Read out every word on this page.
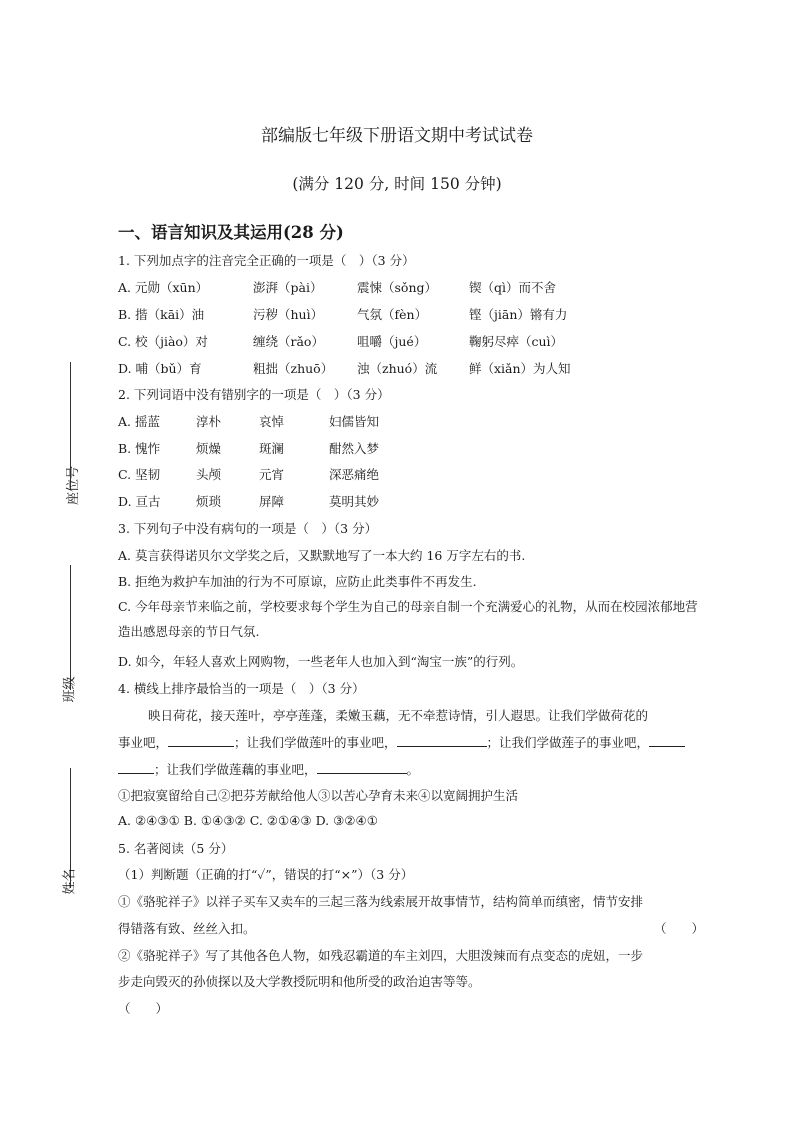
部编版七年级下册语文期中考试试卷
(满分 120 分, 时间 150 分钟)
一、语言知识及其运用(28 分)
座位号
班级
姓名
1. 下列加点字的注音完全正确的一项是（　）（3 分）
A. 元勋（xūn）	澎湃（pài）	震悚（sǒng）	锲（qì）而不舍
B. 揩（kāi）油	污秽（huì）	气氛（fèn）	铿（jiān）锵有力
C. 校（jiào）对	缠绕（rǎo）	咀嚼（jué）	鞠躬尽瘁（cuì）
D. 哺（bǔ）育	粗拙（zhuō） 浊（zhuó）流	鲜（xiǎn）为人知
2. 下列词语中没有错别字的一项是（　）（3 分）
A. 摇蓝	淳朴	哀悼	妇儒皆知
B. 愧怍	烦燥	斑澜	酣然入梦
C. 坚韧	头颅	元宵	深恶痛绝
D. 亘古	烦琐	屏障	莫明其妙
3. 下列句子中没有病句的一项是（　）（3 分）
A. 莫言获得诺贝尔文学奖之后，又默默地写了一本大约 16 万字左右的书.
B. 拒绝为救护车加油的行为不可原谅，应防止此类事件不再发生.
C. 今年母亲节来临之前，学校要求每个学生为自己的母亲自制一个充满爱心的礼物，从而在校园浓郁地营造出感恩母亲的节日气氛.
D. 如今，年轻人喜欢上网购物，一些老年人也加入到“淘宝一族”的行列。
4. 横线上排序最恰当的一项是（　）（3 分）
映日荷花，接天莲叶，亭亭莲蓬，柔嫩玉藕，无不牵惹诗情，引人遐思。让我们学做荷花的
事业吧，	；让我们学做莲叶的事业吧，	；让我们学做莲子的事业吧，
；让我们学做莲藕的事业吧，	。
①把寂寞留给自己②把芬芳献给他人③以苦心孕育未来④以宽阔拥护生活
A. ②④③① B. ①④③② C. ②①④③ D. ③②④①
5. 名著阅读（5 分）
（1）判断题（正确的打“✓”，错误的打“×”）（3 分）
①《骆驼祥子》以祥子买车又卖车的三起三落为线索展开故事情节，结构简单而缜密，情节安排
得错落有致、丝丝入扣。	（　　）
②《骆驼祥子》写了其他各色人物，如残忍霸道的车主刘四，大胆泼辣而有点变态的虎妞，一步
步走向毁灭的孙侦探以及大学教授阮明和他所受的政治迫害等等。
（　　）
